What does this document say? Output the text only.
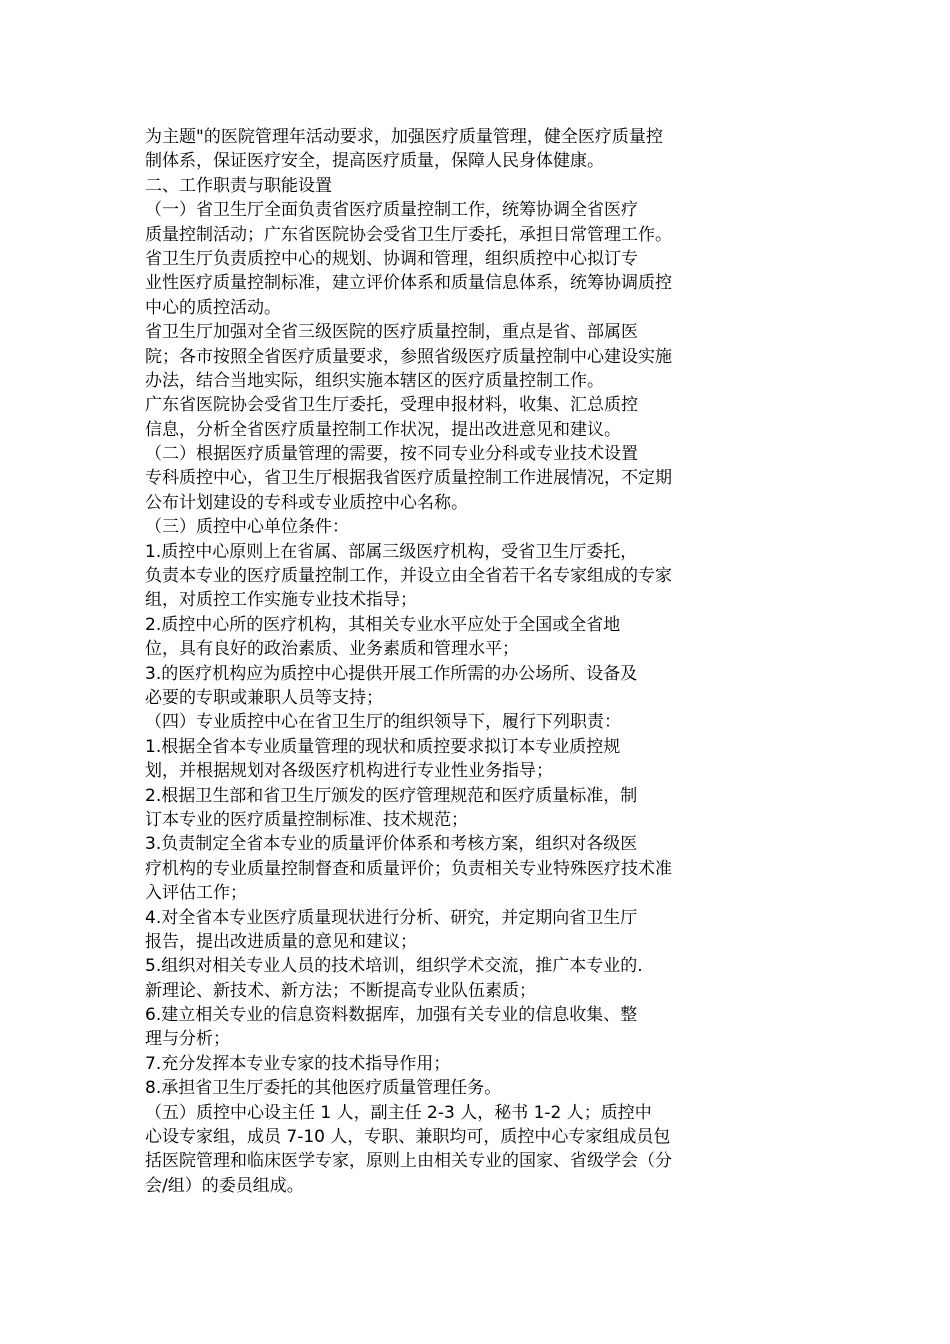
为主题"的医院管理年活动要求，加强医疗质量管理，健全医疗质量控
制体系，保证医疗安全，提高医疗质量，保障人民身体健康。
二、工作职责与职能设置
（一）省卫生厅全面负责省医疗质量控制工作，统筹协调全省医疗
质量控制活动；广东省医院协会受省卫生厅委托，承担日常管理工作。
省卫生厅负责质控中心的规划、协调和管理，组织质控中心拟订专
业性医疗质量控制标准，建立评价体系和质量信息体系，统筹协调质控
中心的质控活动。
省卫生厅加强对全省三级医院的医疗质量控制，重点是省、部属医
院；各市按照全省医疗质量要求，参照省级医疗质量控制中心建设实施
办法，结合当地实际，组织实施本辖区的医疗质量控制工作。
广东省医院协会受省卫生厅委托，受理申报材料，收集、汇总质控
信息，分析全省医疗质量控制工作状况，提出改进意见和建议。
（二）根据医疗质量管理的需要，按不同专业分科或专业技术设置
专科质控中心，省卫生厅根据我省医疗质量控制工作进展情况，不定期
公布计划建设的专科或专业质控中心名称。
（三）质控中心单位条件：
1.质控中心原则上在省属、部属三级医疗机构，受省卫生厅委托，
负责本专业的医疗质量控制工作，并设立由全省若干名专家组成的专家
组，对质控工作实施专业技术指导；
2.质控中心所的医疗机构，其相关专业水平应处于全国或全省地
位，具有良好的政治素质、业务素质和管理水平；
3.的医疗机构应为质控中心提供开展工作所需的办公场所、设备及
必要的专职或兼职人员等支持；
（四）专业质控中心在省卫生厅的组织领导下，履行下列职责：
1.根据全省本专业质量管理的现状和质控要求拟订本专业质控规
划，并根据规划对各级医疗机构进行专业性业务指导；
2.根据卫生部和省卫生厅颁发的医疗管理规范和医疗质量标准，制
订本专业的医疗质量控制标准、技术规范；
3.负责制定全省本专业的质量评价体系和考核方案，组织对各级医
疗机构的专业质量控制督查和质量评价；负责相关专业特殊医疗技术准
入评估工作；
4.对全省本专业医疗质量现状进行分析、研究，并定期向省卫生厅
报告，提出改进质量的意见和建议；
5.组织对相关专业人员的技术培训，组织学术交流，推广本专业的.
新理论、新技术、新方法；不断提高专业队伍素质；
6.建立相关专业的信息资料数据库，加强有关专业的信息收集、整
理与分析；
7.充分发挥本专业专家的技术指导作用；
8.承担省卫生厅委托的其他医疗质量管理任务。
（五）质控中心设主任 1 人，副主任 2-3 人，秘书 1-2 人；质控中
心设专家组，成员 7-10 人，专职、兼职均可，质控中心专家组成员包
括医院管理和临床医学专家，原则上由相关专业的国家、省级学会（分
会/组）的委员组成。
